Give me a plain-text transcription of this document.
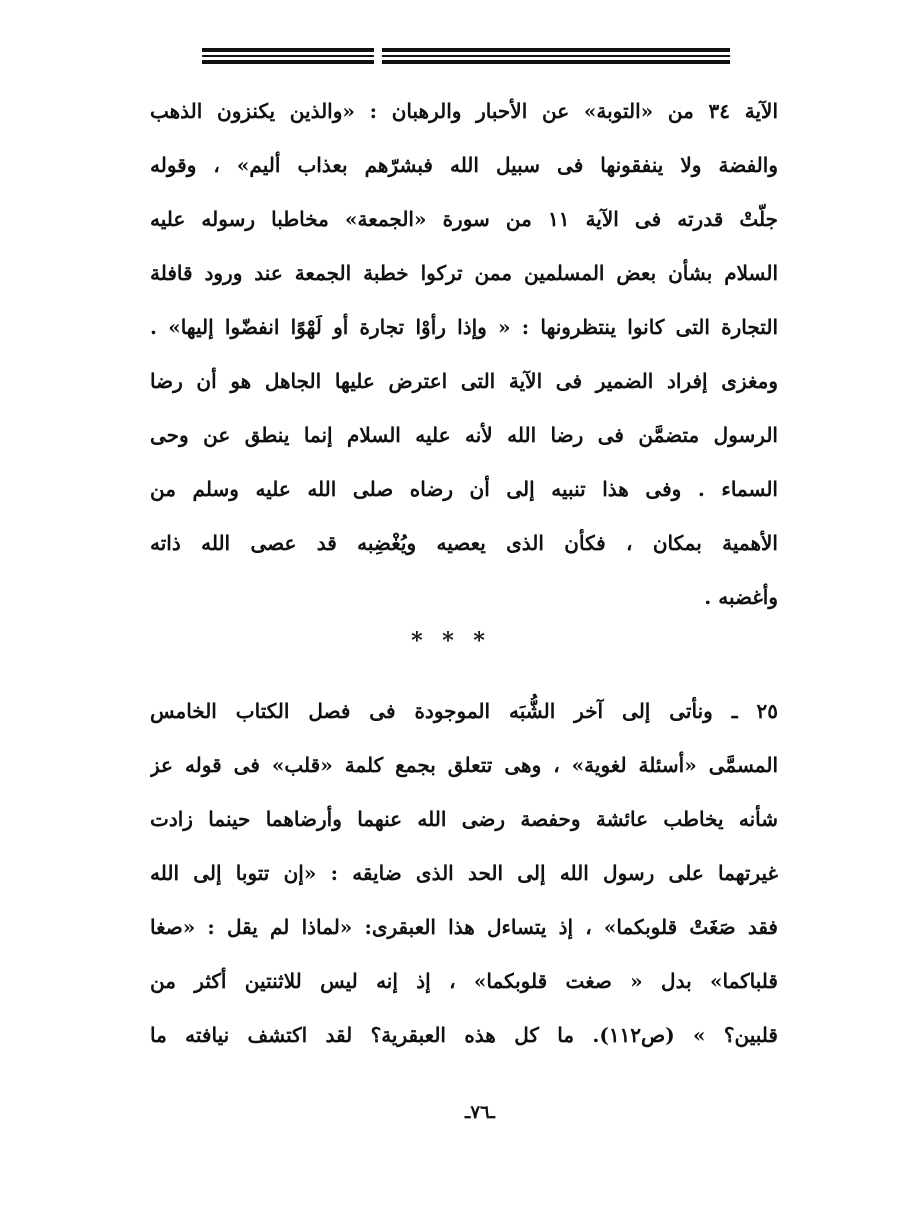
الآية ٣٤ من «التوبة» عن الأحبار والرهبان : «والذين يكنزون الذهب
والفضة ولا ينفقونها فى سبيل الله فبشرّهم بعذاب أليم» ، وقوله
جلّتْ قدرته فى الآية ١١ من سورة «الجمعة» مخاطبا رسوله عليه
السلام بشأن بعض المسلمين ممن تركوا خطبة الجمعة عند ورود قافلة
التجارة التى كانوا ينتظرونها : « وإذا رأوْا تجارة أو لَهْوًا انفضّوا إليها» .
ومغزى إفراد الضمير فى الآية التى اعترض عليها الجاهل هو أن رضا
الرسول متضمَّن فى رضا الله لأنه عليه السلام إنما ينطق عن وحى
السماء . وفى هذا تنبيه إلى أن رضاه صلى الله عليه وسلم من
الأهمية بمكان ، فكأن الذى يعصيه ويُغْضِبه قد عصى الله ذاته
وأغضبه .
* * *
٢٥ ـ ونأتى إلى آخر الشُّبَه الموجودة فى فصل الكتاب الخامس
المسمَّى «أسئلة لغوية» ، وهى تتعلق بجمع كلمة «قلب» فى قوله عز
شأنه يخاطب عائشة وحفصة رضى الله عنهما وأرضاهما حينما زادت
غيرتهما على رسول الله إلى الحد الذى ضايقه : «إن تتوبا إلى الله
فقد صَغَتْ قلوبكما» ، إذ يتساءل هذا العبقرى: «لماذا لم يقل : «صغا
قلباكما» بدل « صغت قلوبكما» ، إذ إنه ليس للاثنتين أكثر من
قلبين؟ » (ص١١٢). ما كل هذه العبقرية؟ لقد اكتشف نيافته ما
ـ٧٦ـ
